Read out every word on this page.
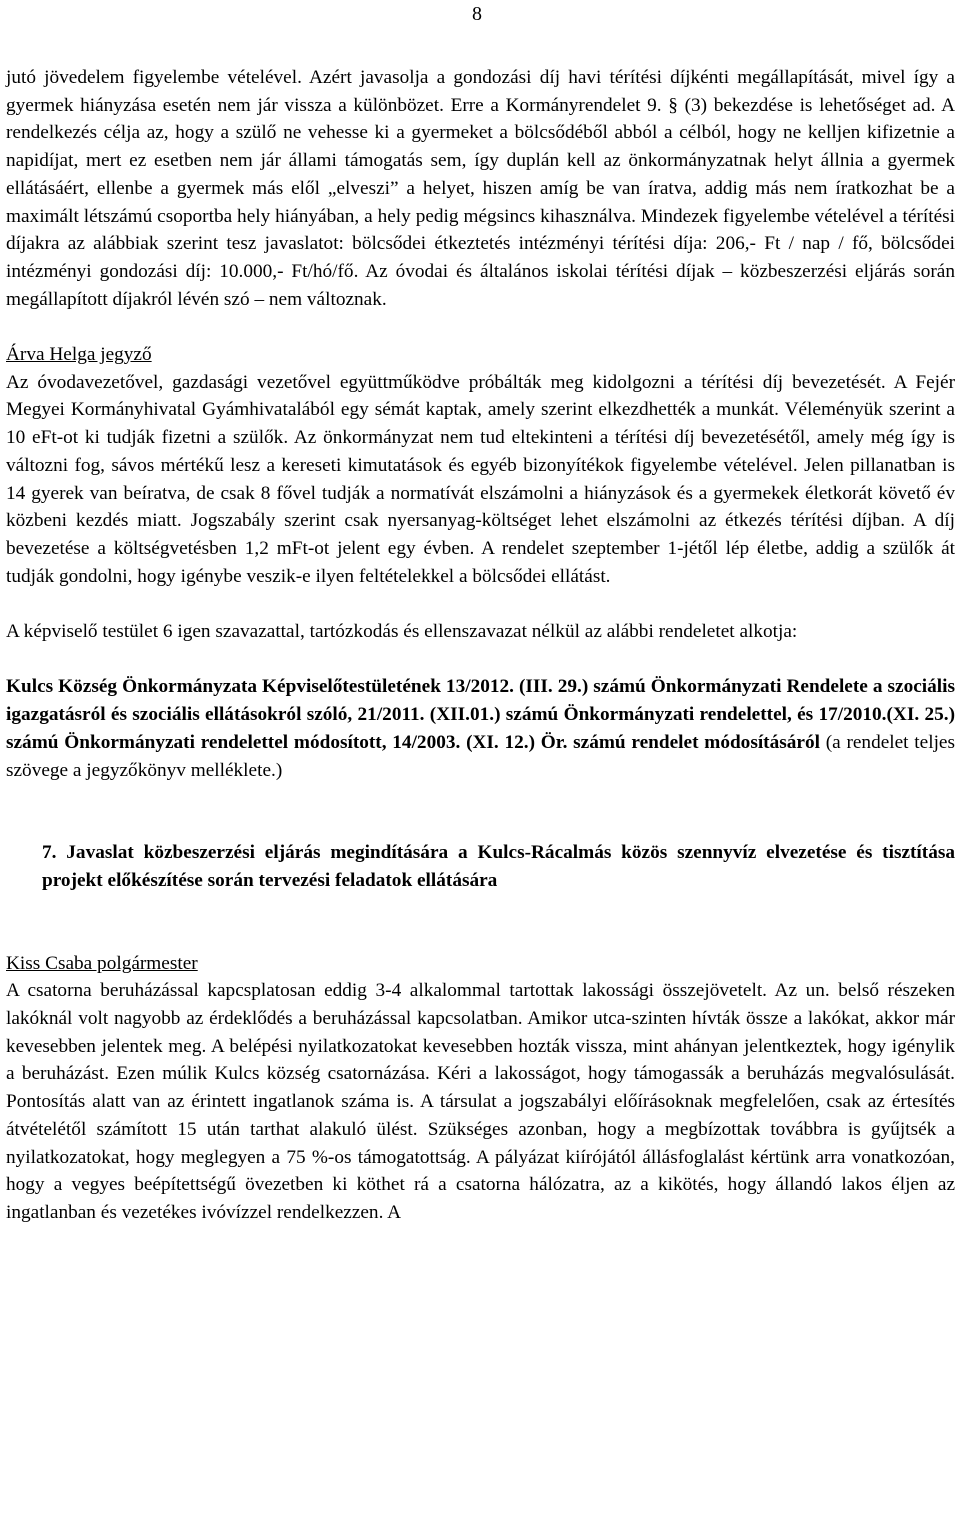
8

jutó jövedelem figyelembe vételével. Azért javasolja a gondozási díj havi térítési díjkénti megállapítását, mivel így a gyermek hiányzása esetén nem jár vissza a különbözet. Erre a Kormányrendelet 9. § (3) bekezdése is lehetőséget ad. A rendelkezés célja az, hogy a szülő ne vehesse ki a gyermeket a bölcsődéből abból a célból, hogy ne kelljen kifizetnie a napidíjat, mert ez esetben nem jár állami támogatás sem, így duplán kell az önkormányzatnak helyt állnia a gyermek ellátásáért, ellenbe a gyermek más elől „elveszi” a helyet, hiszen amíg be van íratva, addig más nem íratkozhat be a maximált létszámú csoportba hely hiányában, a hely pedig mégsincs kihasználva. Mindezek figyelembe vételével a térítési díjakra az alábbiak szerint tesz javaslatot: bölcsődei étkeztetés intézményi térítési díja: 206,- Ft / nap / fő, bölcsődei intézményi gondozási díj: 10.000,- Ft/hó/fő. Az óvodai és általános iskolai térítési díjak – közbeszerzési eljárás során megállapított díjakról lévén szó – nem változnak.

Árva Helga jegyző

Az óvodavezetővel, gazdasági vezetővel együttműködve próbálták meg kidolgozni a térítési díj bevezetését. A Fejér Megyei Kormányhivatal Gyámhivatalából egy sémát kaptak, amely szerint elkezdhették a munkát. Véleményük szerint a 10 eFt-ot ki tudják fizetni a szülők. Az önkormányzat nem tud eltekinteni a térítési díj bevezetésétől, amely még így is változni fog, sávos mértékű lesz a kereseti kimutatások és egyéb bizonyítékok figyelembe vételével. Jelen pillanatban is 14 gyerek van beíratva, de csak 8 fővel tudják a normatívát elszámolni a hiányzások és a gyermekek életkorát követő év közbeni kezdés miatt. Jogszabály szerint csak nyersanyag-költséget lehet elszámolni az étkezés térítési díjban. A díj bevezetése a költségvetésben 1,2 mFt-ot jelent egy évben. A rendelet szeptember 1-jétől lép életbe, addig a szülők át tudják gondolni, hogy igénybe veszik-e ilyen feltételekkel a bölcsődei ellátást.

A képviselő testület 6 igen szavazattal, tartózkodás és ellenszavazat nélkül az alábbi rendeletet alkotja:

Kulcs Község Önkormányzata Képviselőtestületének 13/2012. (III. 29.) számú Önkormányzati Rendelete a szociális igazgatásról és szociális ellátásokról szóló, 21/2011. (XII.01.) számú Önkormányzati rendelettel, és 17/2010.(XI. 25.) számú Önkormányzati rendelettel módosított, 14/2003. (XI. 12.) Ör. számú rendelet módosításáról (a rendelet teljes szövege a jegyzőkönyv melléklete.)

7. Javaslat közbeszerzési eljárás megindítására a Kulcs-Rácalmás közös szennyvíz elvezetése és tisztítása projekt előkészítése során tervezési feladatok ellátására

Kiss Csaba polgármester

A csatorna beruházással kapcsplatosan eddig 3-4 alkalommal tartottak lakossági összejövetelt. Az un. belső részeken lakóknál volt nagyobb az érdeklődés a beruházással kapcsolatban. Amikor utca-szinten hívták össze a lakókat, akkor már kevesebben jelentek meg. A belépési nyilatkozatokat kevesebben hozták vissza, mint ahányan jelentkeztek, hogy igénylik a beruházást. Ezen múlik Kulcs község csatornázása. Kéri a lakosságot, hogy támogassák a beruházás megvalósulását. Pontosítás alatt van az érintett ingatlanok száma is. A társulat a jogszabályi előírásoknak megfelelően, csak az értesítés átvételétől számított 15 után tarthat alakuló ülést. Szükséges azonban, hogy a megbízottak továbbra is gyűjtsék a nyilatkozatokat, hogy meglegyen a 75 %-os támogatottság. A pályázat kiírójától állásfoglalást kértünk arra vonatkozóan, hogy a vegyes beépítettségű övezetben ki köthet rá a csatorna hálózatra, az a kikötés, hogy állandó lakos éljen az ingatlanban és vezetékes ivóvízzel rendelkezzen. A
